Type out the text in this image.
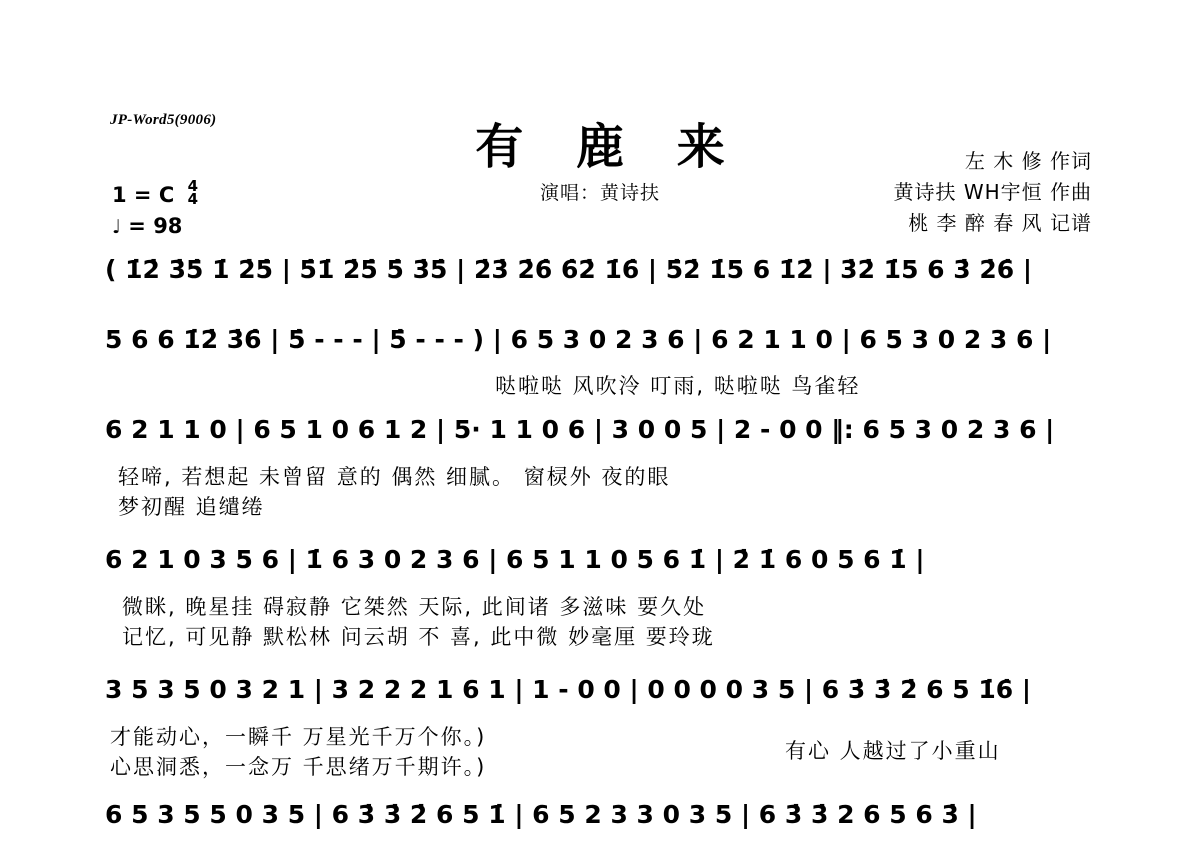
JP-Word5(9006)	有 鹿 来
演唱：黄诗扶
左 木 修 作词
黄诗扶 WH宇恒 作曲
桃 李 醉 春 风 记谱
1 = C 4
4
♩ = 98
( 1̇2̇ 3̇5̇ 1̇ 2̇5̇ | 5̇1̇ 2̇5̇ 5̇ 3̇5̇ | 2̇3̇ 2̇6̇ 6̇2̇ 1̇6̇ | 5̇2̇ 1̇5 6 1̇2̇ | 3̇2̇ 1̇5 6 3̇ 2̇6̇ |
5 6 6 1̇2̇ 3̇6̇ | 5̇ - - - | 5̇ - - - ) | 6 5 3 0 2 3 6 | 6 2 1 1 0 | 6 5 3 0 2 3 6 |
哒啦哒 风吹泠 叮雨, 哒啦哒 鸟雀轻
6 2 1 1 0 | 6 5 1 0 6 1 2 | 5· 1 1 0 6 | 3 0 0 5 | 2 - 0 0 ‖: 6 5 3 0 2 3 6 |
轻啼, 若想起 未曾留 意的 偶然 细腻。 窗棂外 夜的眼
梦初醒 追缱绻
6 2 1 0 3 5 6 | 1̇ 6 3 0 2 3 6 | 6 5 1 1 0 5 6 1̇ | 2̇ 1̇ 6 0 5 6 1̇ |
微眯, 晚星挂 碍寂静 它桀然 天际, 此间诸 多滋味 要久处
记忆, 可见静 默松林 问云胡 不 喜, 此中微 妙毫厘 要玲珑
3 5 3 5 0 3 2 1 | 3 2 2 2 1 6 1 | 1 - 0 0 | 0 0 0 0 3 5 | 6 3̇ 3̇ 2̇ 6 5 1̇6̇ |
才能动心，一瞬千 万星光千万个你。)
心思洞悉，一念万 千思绪万千期许。)
有心 人越过了小重山
6 5 3 5 5 0 3 5 | 6 3̇ 3̇ 2̇ 6 5 1̇ | 6 5 2 3 3 0 3 5 | 6 3̇ 3̇ 2 6 5 6 3̇ |
